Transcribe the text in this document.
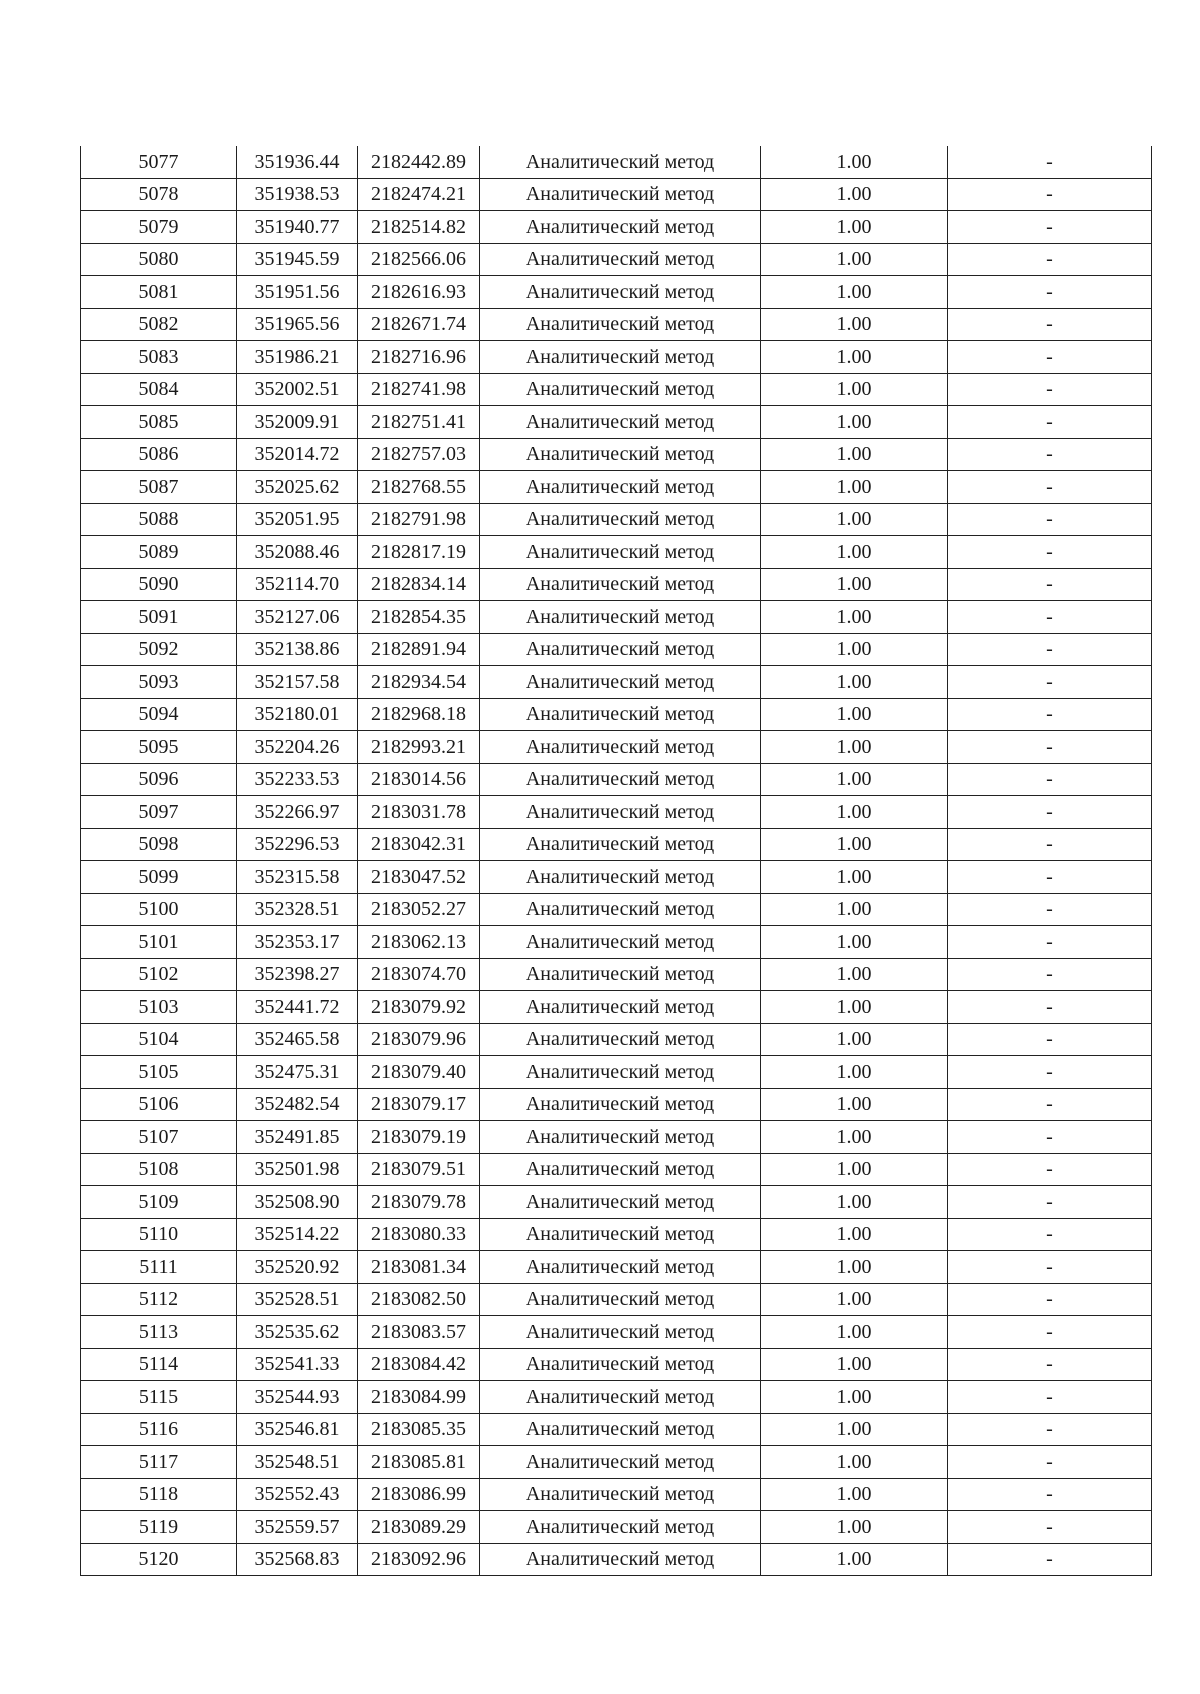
5077	351936.44	2182442.89	Аналитический метод	1.00	-
5078	351938.53	2182474.21	Аналитический метод	1.00	-
5079	351940.77	2182514.82	Аналитический метод	1.00	-
5080	351945.59	2182566.06	Аналитический метод	1.00	-
5081	351951.56	2182616.93	Аналитический метод	1.00	-
5082	351965.56	2182671.74	Аналитический метод	1.00	-
5083	351986.21	2182716.96	Аналитический метод	1.00	-
5084	352002.51	2182741.98	Аналитический метод	1.00	-
5085	352009.91	2182751.41	Аналитический метод	1.00	-
5086	352014.72	2182757.03	Аналитический метод	1.00	-
5087	352025.62	2182768.55	Аналитический метод	1.00	-
5088	352051.95	2182791.98	Аналитический метод	1.00	-
5089	352088.46	2182817.19	Аналитический метод	1.00	-
5090	352114.70	2182834.14	Аналитический метод	1.00	-
5091	352127.06	2182854.35	Аналитический метод	1.00	-
5092	352138.86	2182891.94	Аналитический метод	1.00	-
5093	352157.58	2182934.54	Аналитический метод	1.00	-
5094	352180.01	2182968.18	Аналитический метод	1.00	-
5095	352204.26	2182993.21	Аналитический метод	1.00	-
5096	352233.53	2183014.56	Аналитический метод	1.00	-
5097	352266.97	2183031.78	Аналитический метод	1.00	-
5098	352296.53	2183042.31	Аналитический метод	1.00	-
5099	352315.58	2183047.52	Аналитический метод	1.00	-
5100	352328.51	2183052.27	Аналитический метод	1.00	-
5101	352353.17	2183062.13	Аналитический метод	1.00	-
5102	352398.27	2183074.70	Аналитический метод	1.00	-
5103	352441.72	2183079.92	Аналитический метод	1.00	-
5104	352465.58	2183079.96	Аналитический метод	1.00	-
5105	352475.31	2183079.40	Аналитический метод	1.00	-
5106	352482.54	2183079.17	Аналитический метод	1.00	-
5107	352491.85	2183079.19	Аналитический метод	1.00	-
5108	352501.98	2183079.51	Аналитический метод	1.00	-
5109	352508.90	2183079.78	Аналитический метод	1.00	-
5110	352514.22	2183080.33	Аналитический метод	1.00	-
5111	352520.92	2183081.34	Аналитический метод	1.00	-
5112	352528.51	2183082.50	Аналитический метод	1.00	-
5113	352535.62	2183083.57	Аналитический метод	1.00	-
5114	352541.33	2183084.42	Аналитический метод	1.00	-
5115	352544.93	2183084.99	Аналитический метод	1.00	-
5116	352546.81	2183085.35	Аналитический метод	1.00	-
5117	352548.51	2183085.81	Аналитический метод	1.00	-
5118	352552.43	2183086.99	Аналитический метод	1.00	-
5119	352559.57	2183089.29	Аналитический метод	1.00	-
5120	352568.83	2183092.96	Аналитический метод	1.00	-
